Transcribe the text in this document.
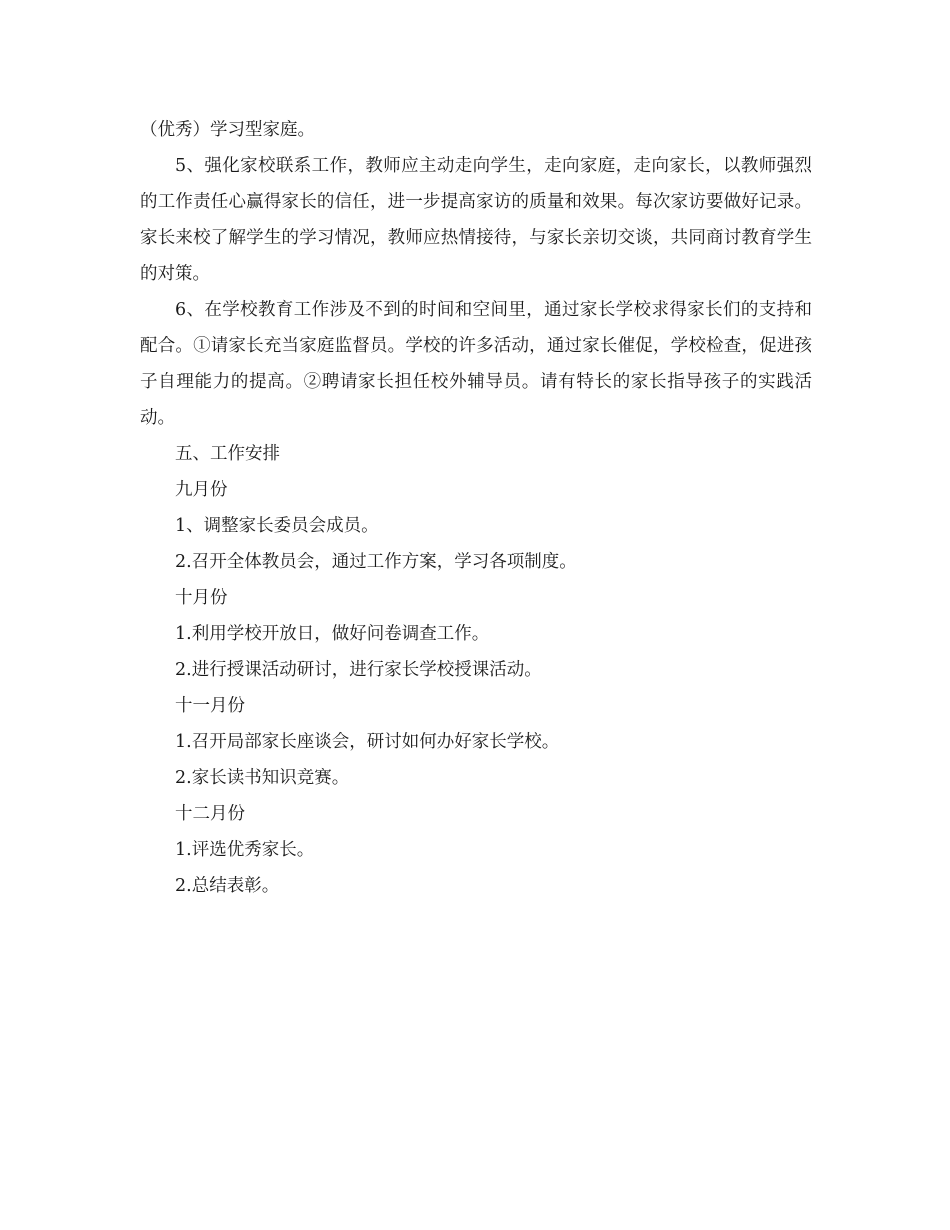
（优秀）学习型家庭。

5、强化家校联系工作，教师应主动走向学生，走向家庭，走向家长，以教师强烈的工作责任心赢得家长的信任，进一步提高家访的质量和效果。每次家访要做好记录。家长来校了解学生的学习情况，教师应热情接待，与家长亲切交谈，共同商讨教育学生的对策。

6、在学校教育工作涉及不到的时间和空间里，通过家长学校求得家长们的支持和配合。①请家长充当家庭监督员。学校的许多活动，通过家长催促，学校检查，促进孩子自理能力的提高。②聘请家长担任校外辅导员。请有特长的家长指导孩子的实践活动。

五、工作安排

九月份

1、调整家长委员会成员。

2.召开全体教员会，通过工作方案，学习各项制度。

十月份

1.利用学校开放日，做好问卷调查工作。

2.进行授课活动研讨，进行家长学校授课活动。

十一月份

1.召开局部家长座谈会，研讨如何办好家长学校。

2.家长读书知识竞赛。

十二月份

1.评选优秀家长。

2.总结表彰。
